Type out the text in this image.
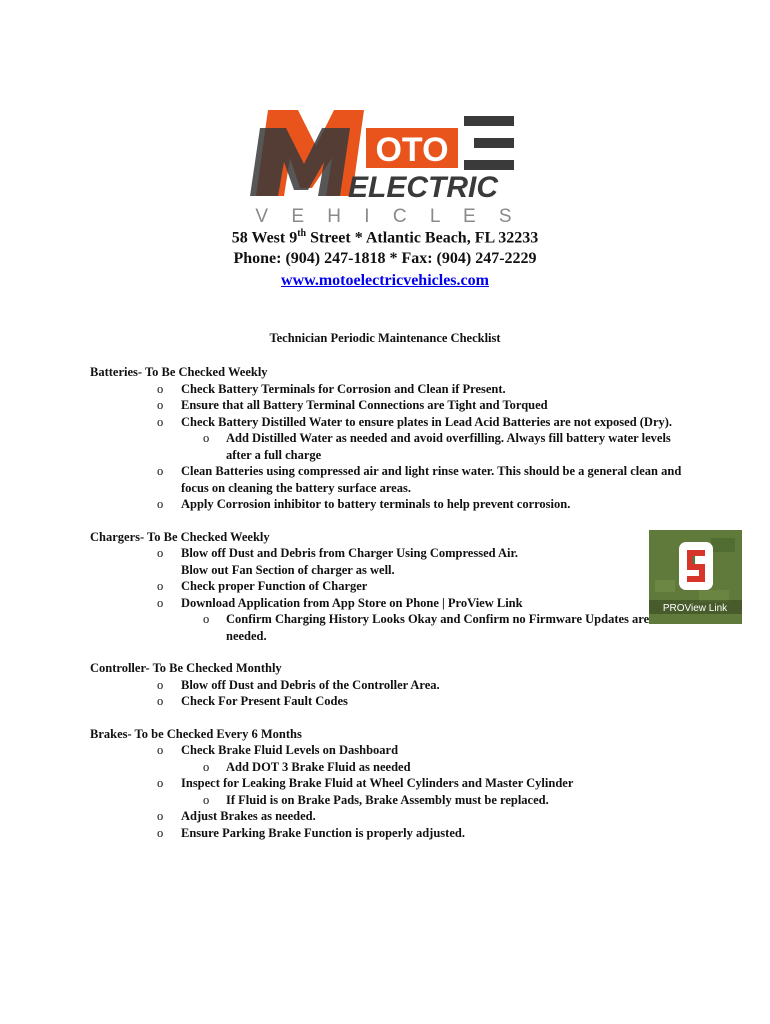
OTO
ELECTRIC
V E H I C L E S
58 West 9th Street * Atlantic Beach, FL 32233
Phone: (904) 247-1818 * Fax: (904) 247-2229
www.motoelectricvehicles.com
Technician Periodic Maintenance Checklist
Batteries- To Be Checked Weekly
o Check Battery Terminals for Corrosion and Clean if Present.
o Ensure that all Battery Terminal Connections are Tight and Torqued
o Check Battery Distilled Water to ensure plates in Lead Acid Batteries are not exposed (Dry).
o Add Distilled Water as needed and avoid overfilling. Always fill battery water levels after a full charge
o Clean Batteries using compressed air and light rinse water. This should be a general clean and focus on cleaning the battery surface areas.
o Apply Corrosion inhibitor to battery terminals to help prevent corrosion.
Chargers- To Be Checked Weekly
o Blow off Dust and Debris from Charger Using Compressed Air. Blow out Fan Section of charger as well.
o Check proper Function of Charger
o Download Application from App Store on Phone | ProView Link
o Confirm Charging History Looks Okay and Confirm no Firmware Updates are needed.
Controller- To Be Checked Monthly
o Blow off Dust and Debris of the Controller Area.
o Check For Present Fault Codes
Brakes- To be Checked Every 6 Months
o Check Brake Fluid Levels on Dashboard
o Add DOT 3 Brake Fluid as needed
o Inspect for Leaking Brake Fluid at Wheel Cylinders and Master Cylinder
o If Fluid is on Brake Pads, Brake Assembly must be replaced.
o Adjust Brakes as needed.
o Ensure Parking Brake Function is properly adjusted.
PROView Link
